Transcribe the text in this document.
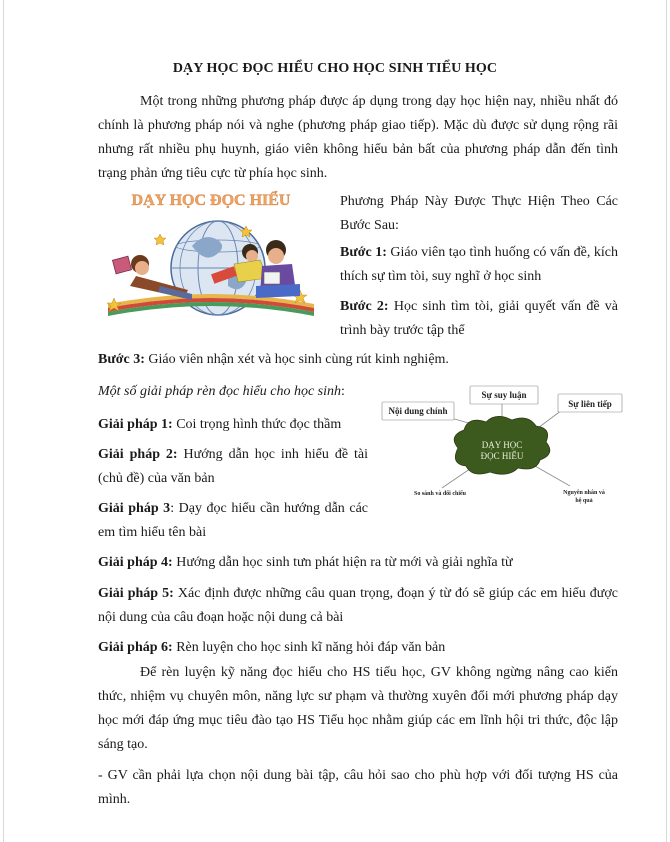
DẠY HỌC ĐỌC HIỂU CHO HỌC SINH TIỂU HỌC
Một trong những phương pháp được áp dụng trong dạy học hiện nay, nhiều nhất đó chính là phương pháp nói và nghe (phương pháp giao tiếp). Mặc dù được sử dụng rộng rãi nhưng rất nhiều phụ huynh, giáo viên không hiểu bản bất của phương pháp dẫn đến tình trạng phản ứng tiêu cực từ phía học sinh.
DẠY HỌC ĐỌC HIỂU	Phương Pháp Này Được Thực Hiện Theo Các Bước Sau:
Bước 1: Giáo viên tạo tình huống có vấn đề, kích thích sự tìm tòi, suy nghĩ ở học sinh
Bước 2: Học sinh tìm tòi, giải quyết vấn đề và trình bày trước tập thể
Bước 3: Giáo viên nhận xét và học sinh cùng rút kinh nghiệm.
Một số giải pháp rèn đọc hiểu cho học sinh:
Giải pháp 1: Coi trọng hình thức đọc thầm
Giải pháp 2: Hướng dẫn học inh hiểu đề tài (chủ đề) của văn bản
Giải pháp 3: Dạy đọc hiểu cần hướng dẫn các em tìm hiểu tên bài
DẠY HỌC
ĐỌC HIỂU
Nội dung chính
Sự suy luận
Sự liên tiếp
So sánh và đối chiếu	Nguyên nhân và
hệ quả
Giải pháp 4: Hướng dẫn học sinh tưn phát hiện ra từ mới và giải nghĩa từ
Giải pháp 5: Xác định được những câu quan trọng, đoạn ý từ đó sẽ giúp các em hiểu được nội dung của câu đoạn hoặc nội dung cả bài
Giải pháp 6: Rèn luyện cho học sinh kĩ năng hỏi đáp văn bản
Để rèn luyện kỹ năng đọc hiểu cho HS tiểu học, GV không ngừng nâng cao kiến thức, nhiệm vụ chuyên môn, năng lực sư phạm và thường xuyên đổi mới phương pháp dạy học mới đáp ứng mục tiêu đào tạo HS Tiểu học nhằm giúp các em lĩnh hội tri thức, độc lập sáng tạo.
- GV cần phải lựa chọn nội dung bài tập, câu hỏi sao cho phù hợp với đối tượng HS của mình.
